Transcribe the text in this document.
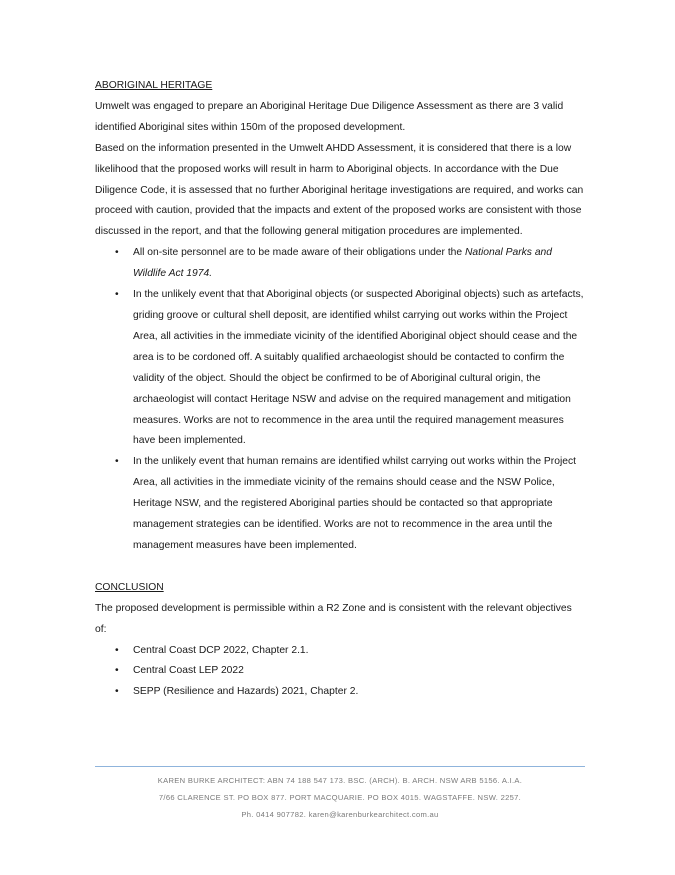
ABORIGINAL HERITAGE

Umwelt was engaged to prepare an Aboriginal Heritage Due Diligence Assessment as there are 3 valid identified Aboriginal sites within 150m of the proposed development.

Based on the information presented in the Umwelt AHDD Assessment, it is considered that there is a low likelihood that the proposed works will result in harm to Aboriginal objects. In accordance with the Due Diligence Code, it is assessed that no further Aboriginal heritage investigations are required, and works can proceed with caution, provided that the impacts and extent of the proposed works are consistent with those discussed in the report, and that the following general mitigation procedures are implemented.

• All on-site personnel are to be made aware of their obligations under the National Parks and Wildlife Act 1974.
• In the unlikely event that that Aboriginal objects (or suspected Aboriginal objects) such as artefacts, griding groove or cultural shell deposit, are identified whilst carrying out works within the Project Area, all activities in the immediate vicinity of the identified Aboriginal object should cease and the area is to be cordoned off. A suitably qualified archaeologist should be contacted to confirm the validity of the object. Should the object be confirmed to be of Aboriginal cultural origin, the archaeologist will contact Heritage NSW and advise on the required management and mitigation measures. Works are not to recommence in the area until the required management measures have been implemented.
• In the unlikely event that human remains are identified whilst carrying out works within the Project Area, all activities in the immediate vicinity of the remains should cease and the NSW Police, Heritage NSW, and the registered Aboriginal parties should be contacted so that appropriate management strategies can be identified. Works are not to recommence in the area until the management measures have been implemented.

CONCLUSION

The proposed development is permissible within a R2 Zone and is consistent with the relevant objectives of:

• Central Coast DCP 2022, Chapter 2.1.
• Central Coast LEP 2022
• SEPP (Resilience and Hazards) 2021, Chapter 2.
KAREN BURKE ARCHITECT: ABN 74 188 547 173. BSC. (ARCH). B. ARCH. NSW ARB 5156. A.I.A.
7/66 CLARENCE ST. PO BOX 877. PORT MACQUARIE. PO BOX 4015. WAGSTAFFE. NSW. 2257.
Ph. 0414 907782. karen@karenburkearchitect.com.au
